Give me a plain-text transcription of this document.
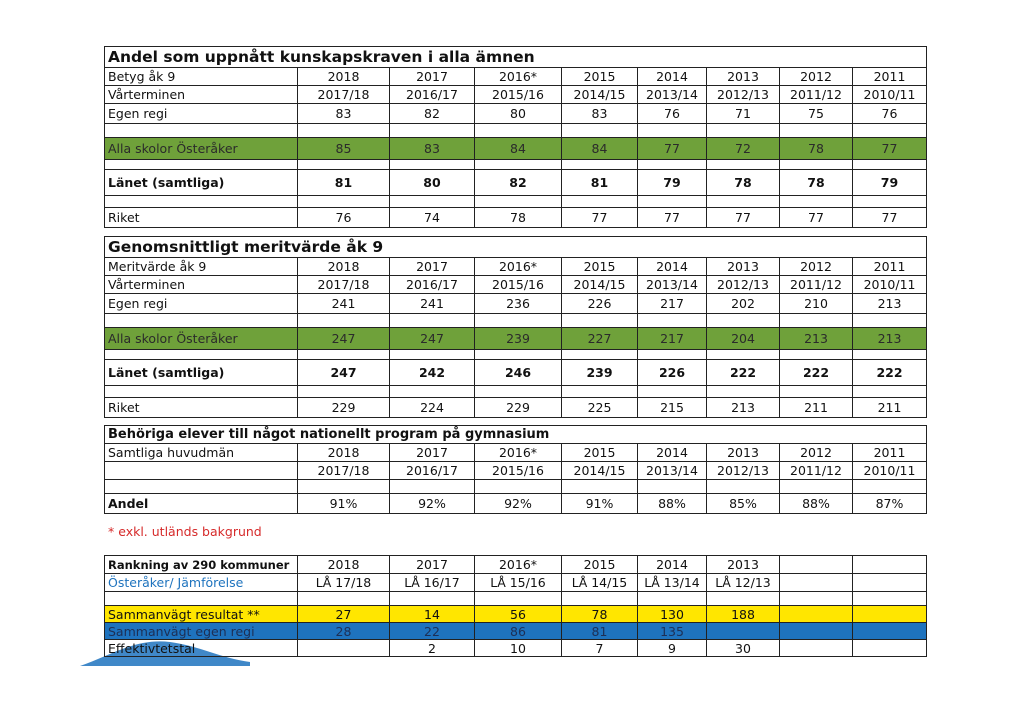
Andel som uppnått kunskapskraven i alla ämnen								
Betyg åk 9	2018	2017	2016*	2015	2014	2013	2012	2011
Vårterminen	2017/18	2016/17	2015/16	2014/15	2013/14	2012/13	2011/12	2010/11
Egen regi	83	82	80	83	76	71	75	76

Alla skolor Österåker	85	83	84	84	77	72	78	77

Länet (samtliga)	81	80	82	81	79	78	78	79

Riket	76	74	78	77	77	77	77	77
Genomsnittligt meritvärde åk 9								
Meritvärde åk 9	2018	2017	2016*	2015	2014	2013	2012	2011
Vårterminen	2017/18	2016/17	2015/16	2014/15	2013/14	2012/13	2011/12	2010/11
Egen regi	241	241	236	226	217	202	210	213

Alla skolor Österåker	247	247	239	227	217	204	213	213

Länet (samtliga)	247	242	246	239	226	222	222	222

Riket	229	224	229	225	215	213	211	211
Behöriga elever till något nationellt program på gymnasium								
Samtliga huvudmän	2018	2017	2016*	2015	2014	2013	2012	2011
	2017/18	2016/17	2015/16	2014/15	2013/14	2012/13	2011/12	2010/11

Andel	91%	92%	92%	91%	88%	85%	88%	87%
* exkl. utländs bakgrund
Rankning av 290 kommuner	2018	2017	2016*	2015	2014	2013		
Österåker/ Jämförelse	LÅ 17/18	LÅ 16/17	LÅ 15/16	LÅ 14/15	LÅ 13/14	LÅ 12/13		

Sammanvägt resultat **	27	14	56	78	130	188		
Sammanvägt egen regi	28	22	86	81	135			
Effektivtetstal		2	10	7	9	30		
